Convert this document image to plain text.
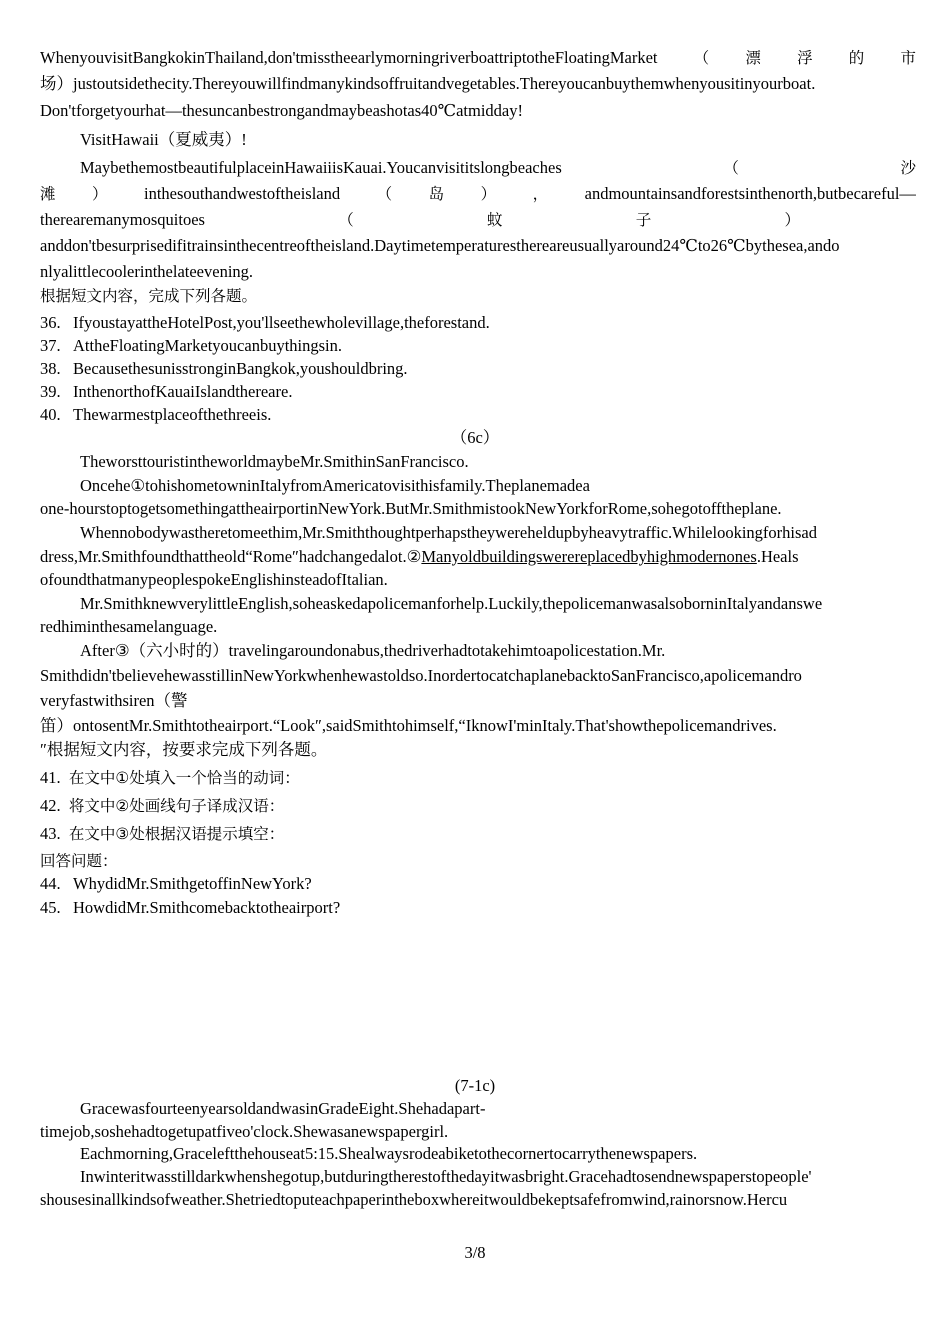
WhenyouvisitBangkokinThailand,don'tmisstheearlymorningriverboattriptotheFloatingMarket （ 漂 浮 的 市
场）justoutsidethecity.Thereyouwillfindmanykindsoffruitandvegetables.Thereyoucanbuythemwhenyousitinyourboat.
Don'tforgetyourhat—thesuncanbestrongandmaybeashotas40℃atmidday!
VisitHawaii（夏威夷）!
MaybethemostbeautifulplaceinHawaiiisKauai.Youcanvisititslongbeaches	（	沙
滩 ） inthesouthandwestoftheisland （ 岛 ） ， andmountainsandforestsinthenorth,butbecareful—
therearemanymosquitoes	（	蚊	子	）
anddon'tbesurprisedifitrainsinthecentreoftheisland.Daytimetemperaturesthereareusuallyaround24℃to26℃bythesea,ando
nlyalittlecoolerinthelateevening.
根据短文内容，完成下列各题。
36. IfyoustayattheHotelPost,you'llseethewholevillage,theforestand.
37. AttheFloatingMarketyoucanbuythingsin.
38. BecausethesunisstronginBangkok,youshouldbring.
39. InthenorthofKauaiIslandthereare.
40. Thewarmestplaceofthethreeis.
（6c）
TheworsttouristintheworldmaybeMr.SmithinSanFrancisco.
Oncehe①tohishometowninItalyfromAmericatovisithisfamily.Theplanemadea
one-hourstoptogetsomethingattheairportinNewYork.ButMr.SmithmistookNewYorkforRome,sohegotofftheplane.
Whennobodywastheretomeethim,Mr.Smiththoughtperhapstheywereheldupbyheavytraffic.Whilelookingforhisad
dress,Mr.Smithfoundthattheold“Rome″hadchangedalot.②Manyoldbuildingswerereplacedbyhighmodernones.Heals
ofoundthatmanypeoplespokeEnglishinsteadofItalian.
Mr.SmithknewverylittleEnglish,soheaskedapolicemanforhelp.Luckily,thepolicemanwasalsoborninItalyandanswe
redhiminthesamelanguage.
After③（六小时的）travelingaroundonabus,thedriverhadtotakehimtoapolicestation.Mr.
Smithdidn'tbelievehewasstillinNewYorkwhenhewastoldso.InordertocatchaplanebacktoSanFrancisco,apolicemandro
veryfastwithsiren（警
笛）ontosentMr.Smithtotheairport.“Look″,saidSmithtohimself,“IknowI'minItaly.That'showthepolicemandrives.
″根据短文内容，按要求完成下列各题。
41. 在文中①处填入一个恰当的动词：
42. 将文中②处画线句子译成汉语：
43. 在文中③处根据汉语提示填空：
回答问题：
44. WhydidMr.SmithgetoffinNewYork?
45. HowdidMr.Smithcomebacktotheairport?
(7-1c)
GracewasfourteenyearsoldandwasinGradeEight.Shehadapart-
timejob,soshehadtogetupatfiveo'clock.Shewasanewspapergirl.
Eachmorning,Graceleftthehouseat5:15.Shealwaysrodeabiketothecornertocarrythenewspapers.
Inwinteritwasstilldarkwhenshegotup,butduringtherestofthedayitwasbright.Gracehadtosendnewspaperstopeople'
shousesinallkindsofweather.Shetriedtoputeachpaperintheboxwhereitwouldbekeptsafefromwind,rainorsnow.Hercu
3/8
